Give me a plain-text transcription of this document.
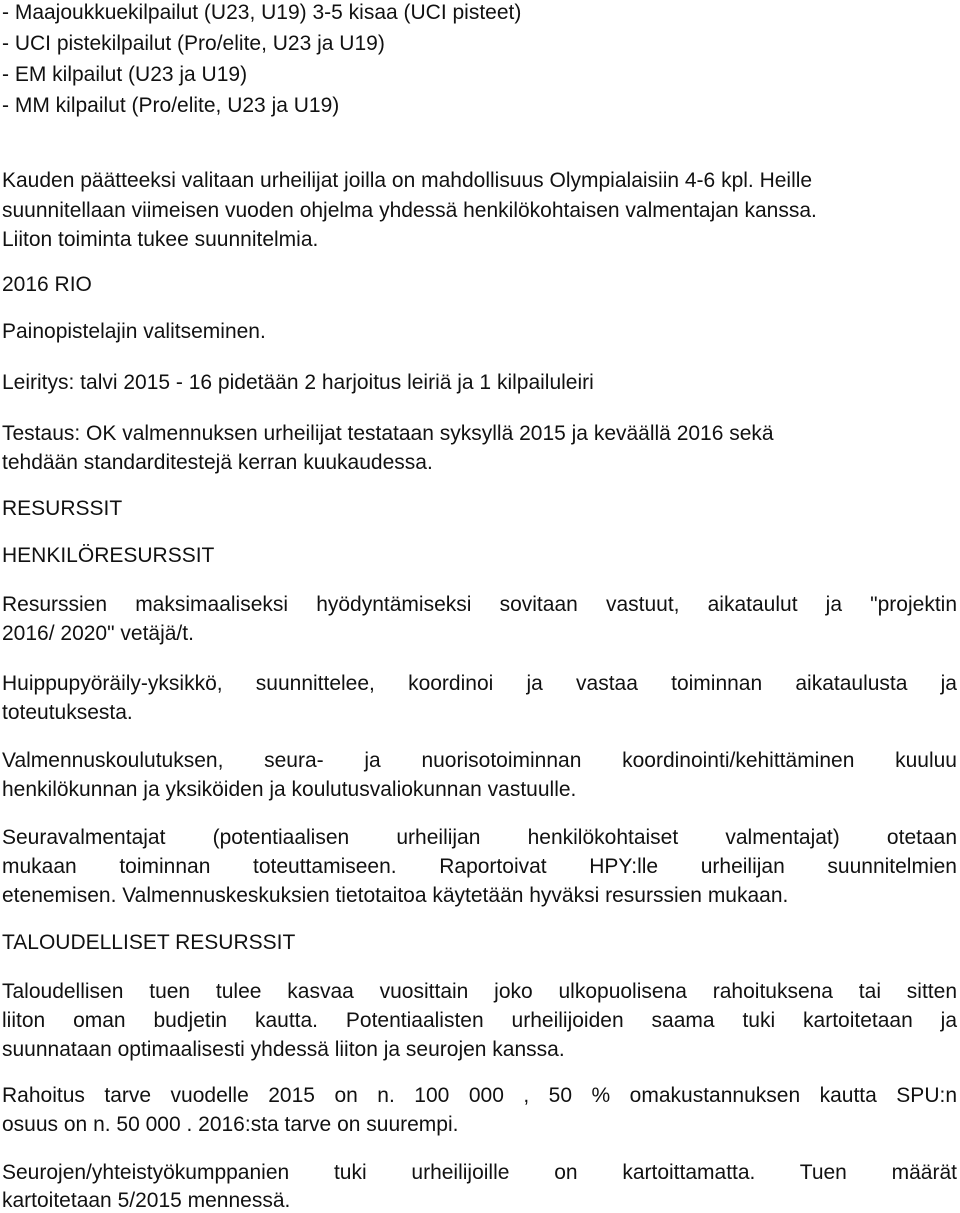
- Maajoukkuekilpailut (U23, U19) 3-5 kisaa (UCI pisteet)
- UCI pistekilpailut (Pro/elite, U23 ja U19)
- EM kilpailut (U23 ja U19)
- MM kilpailut (Pro/elite, U23 ja U19)

Kauden päätteeksi valitaan urheilijat joilla on mahdollisuus Olympialaisiin 4-6 kpl. Heille

suunnitellaan viimeisen vuoden ohjelma yhdessä henkilökohtaisen valmentajan kanssa.

Liiton toiminta tukee suunnitelmia.

2016 RIO

Painopistelajin valitseminen.

Leiritys: talvi 2015 - 16 pidetään 2 harjoitus leiriä ja 1 kilpailuleiri

Testaus: OK valmennuksen urheilijat testataan syksyllä 2015 ja keväällä 2016 sekä

tehdään standarditestejä kerran kuukaudessa.

RESURSSIT

HENKILÖRESURSSIT

Resurssien maksimaaliseksi hyödyntämiseksi sovitaan vastuut, aikataulut ja "projektin

2016/ 2020" vetäjä/t.

Huippupyöräily-yksikkö, suunnittelee, koordinoi ja vastaa toiminnan aikataulusta ja

toteutuksesta.

Valmennuskoulutuksen, seura- ja nuorisotoiminnan koordinointi/kehittäminen kuuluu

henkilökunnan ja yksiköiden ja koulutusvaliokunnan vastuulle.

Seuravalmentajat (potentiaalisen urheilijan henkilökohtaiset valmentajat) otetaan

mukaan toiminnan toteuttamiseen. Raportoivat HPY:lle urheilijan suunnitelmien

etenemisen. Valmennuskeskuksien tietotaitoa käytetään hyväksi resurssien mukaan.

TALOUDELLISET RESURSSIT

Taloudellisen tuen tulee kasvaa vuosittain joko ulkopuolisena rahoituksena tai sitten

liiton oman budjetin kautta. Potentiaalisten urheilijoiden saama tuki kartoitetaan ja

suunnataan optimaalisesti yhdessä liiton ja seurojen kanssa.

Rahoitus tarve vuodelle 2015 on n. 100 000 , 50 % omakustannuksen kautta SPU:n

osuus on n. 50 000 . 2016:sta tarve on suurempi.

Seurojen/yhteistyökumppanien tuki urheilijoille on kartoittamatta. Tuen määrät

kartoitetaan 5/2015 mennessä.
